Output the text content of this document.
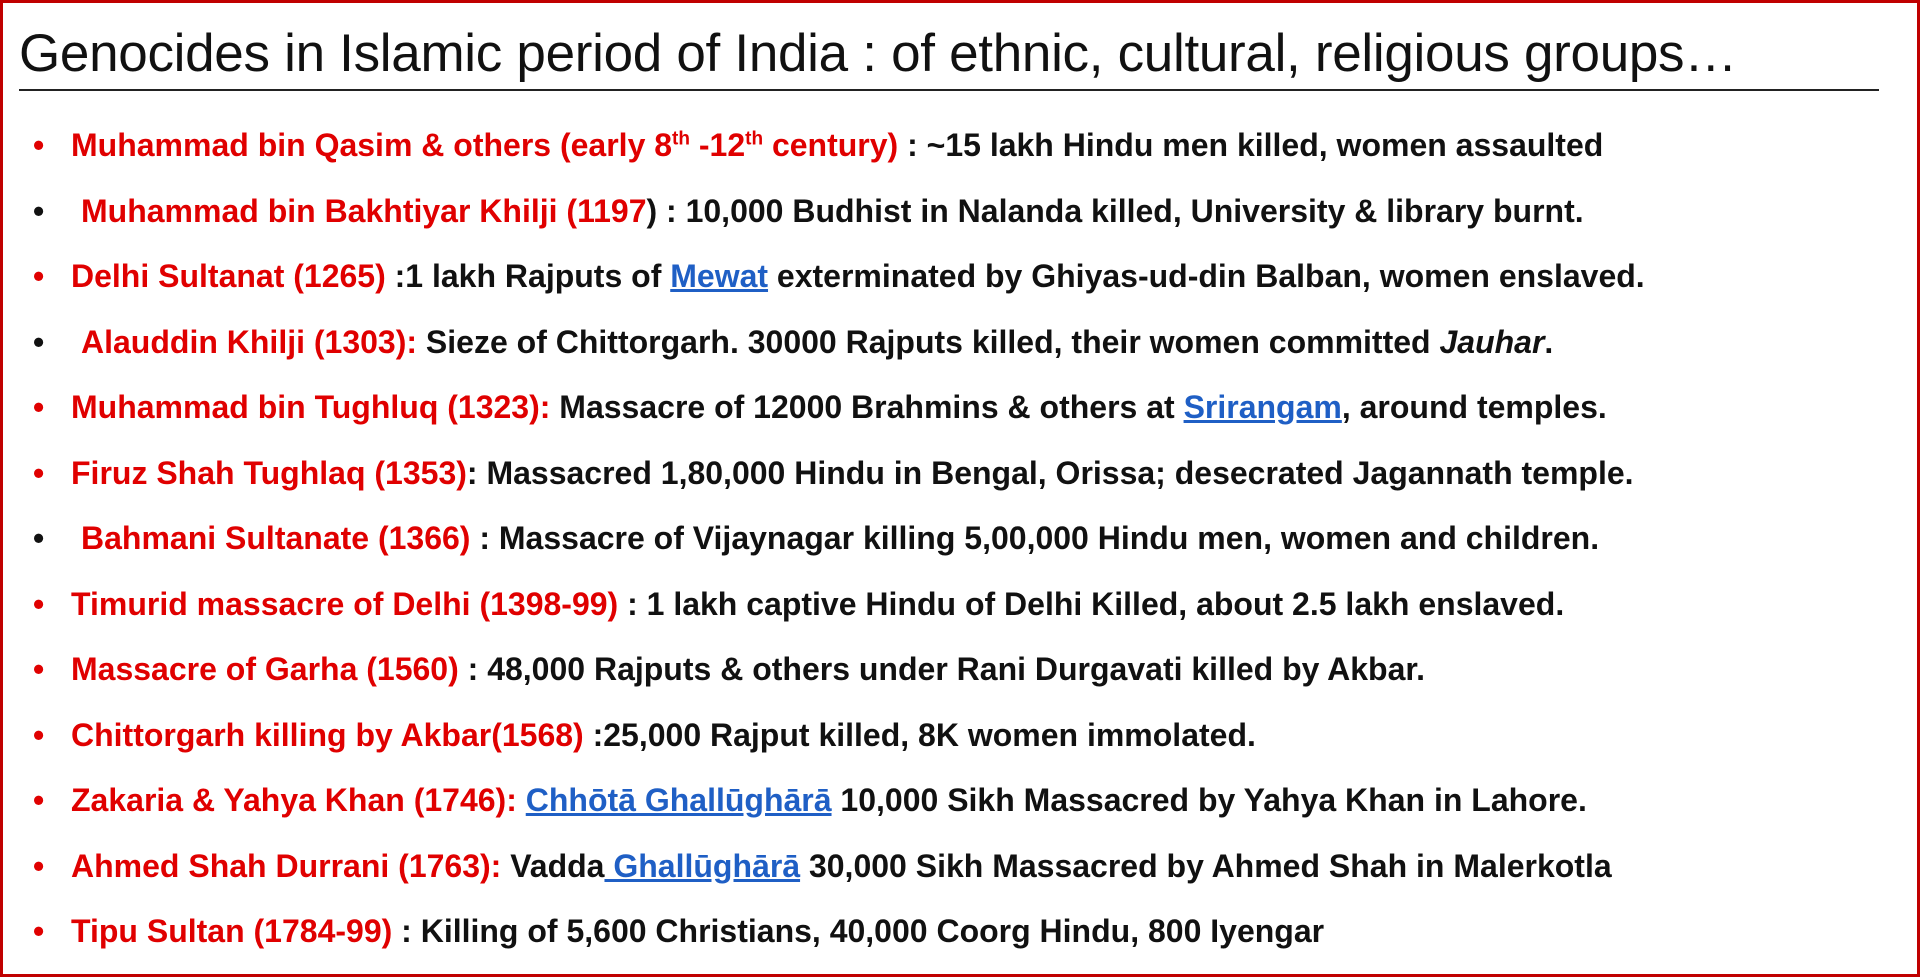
Genocides in Islamic period of India : of ethnic, cultural, religious groups…
• Muhammad bin Qasim & others (early 8th -12th century) : ~15 lakh Hindu men killed, women assaulted
•	Muhammad bin Bakhtiyar Khilji (1197) : 10,000 Budhist in Nalanda killed, University & library burnt.
• Delhi Sultanat (1265) :1 lakh Rajputs of Mewat exterminated by Ghiyas-ud-din Balban, women enslaved.
•	Alauddin Khilji (1303): Sieze of Chittorgarh. 30000 Rajputs killed, their women committed Jauhar.
• Muhammad bin Tughluq (1323): Massacre of 12000 Brahmins & others at Srirangam, around temples.
• Firuz Shah Tughlaq (1353): Massacred 1,80,000 Hindu in Bengal, Orissa; desecrated Jagannath temple.
•	Bahmani Sultanate (1366) : Massacre of Vijaynagar killing 5,00,000 Hindu men, women and children.
• Timurid massacre of Delhi (1398-99) : 1 lakh captive Hindu of Delhi Killed, about 2.5 lakh enslaved.
• Massacre of Garha (1560) : 48,000 Rajputs & others under Rani Durgavati killed by Akbar.
• Chittorgarh killing by Akbar(1568) :25,000 Rajput killed, 8K women immolated.
• Zakaria & Yahya Khan (1746): Chhōtā Ghallūghārā 10,000 Sikh Massacred by Yahya Khan in Lahore.
• Ahmed Shah Durrani (1763): Vadda Ghallūghārā 30,000 Sikh Massacred by Ahmed Shah in Malerkotla
• Tipu Sultan (1784-99) : Killing of 5,600 Christians, 40,000 Coorg Hindu, 800 Iyengar
